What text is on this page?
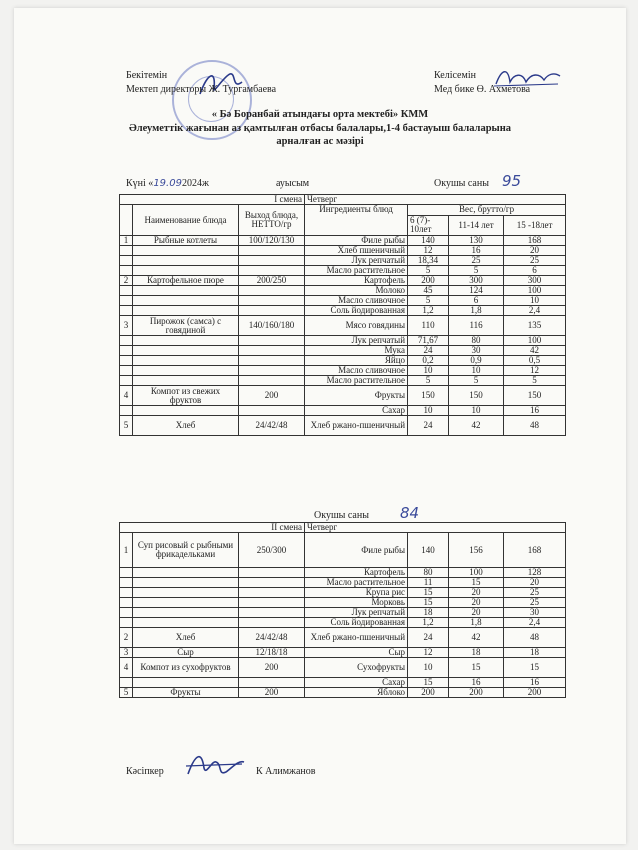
Бекітемін
Мектеп директоры Ж. Тургамбаева
Келісемін
Мед бике Ө. Ахметова
« Бә Боранбай атындағы орта мектебі» КММ
Әлеуметтік жағынан аз қамтылған отбасы балалары,1-4 бастауыш балаларына
арналған ас мәзірі
Күні «19.092024ж	ауысым	Окушы саны 95
I смена			Четверг			
	Наименование блюда	Выход блюда, НЕТТО/гр	Ингредиенты блюд	Вес, брутто/гр		
				6 (7)- 10лет	11-14 лет	15 -18лет
1	Рыбные котлеты	100/120/130	Филе рыбы	140	130	168
			Хлеб пшеничный	12	16	20
			Лук репчатый	18,34	25	25
			Масло растительное	5	5	6
2	Картофельное пюре	200/250	Картофель	200	300	300
			Молоко	45	124	100
			Масло сливочное	5	6	10
			Соль йодированная	1,2	1,8	2,4
3	Пирожок (самса) с говядиной	140/160/180	Мясо говядины	110	116	135
			Лук репчатый	71,67	80	100
			Мука	24	30	42
			Яйцо	0,2	0,9	0,5
			Масло сливочное	10	10	12
			Масло растительное	5	5	5
4	Компот из свежих фруктов	200	Фрукты	150	150	150
			Сахар	10	10	16
5	Хлеб	24/42/48	Хлеб ржано-пшеничный	24	42	48
Окушы саны 84
II смена			Четверг			
1	Суп рисовый с рыбными фрикадельками	250/300	Филе рыбы	140	156	168
			Картофель	80	100	128
			Масло растительное	11	15	20
			Крупа рис	15	20	25
			Морковь	15	20	25
			Лук репчатый	18	20	30
			Соль йодированная	1,2	1,8	2,4
2	Хлеб	24/42/48	Хлеб ржано-пшеничный	24	42	48
3	Сыр	12/18/18	Сыр	12	18	18
4	Компот из сухофруктов	200	Сухофрукты	10	15	15
			Сахар	15	16	16
5	Фрукты	200	Яблоко	200	200	200
Кәсіпкер	К Алимжанов
